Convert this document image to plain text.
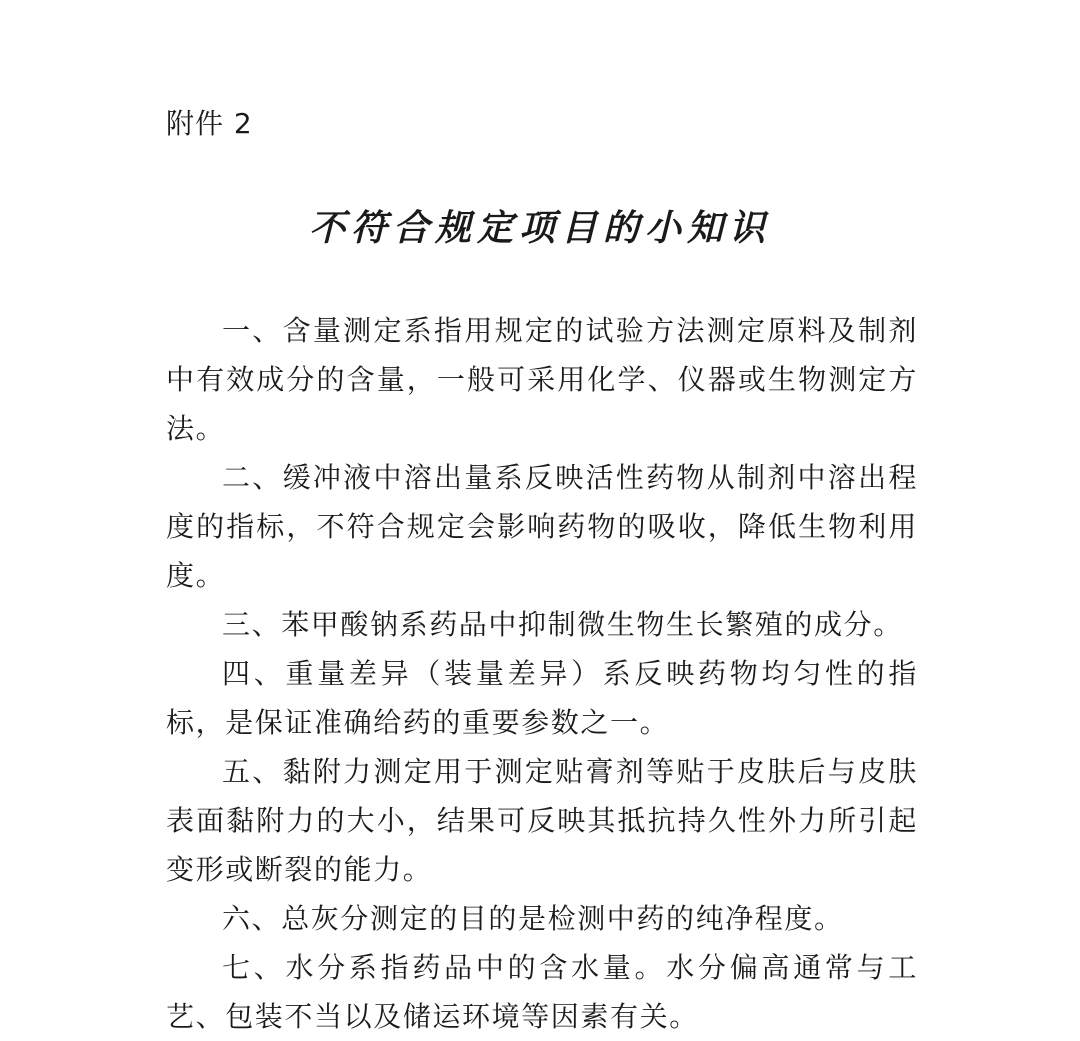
附件 2
不符合规定项目的小知识

一、含量测定系指用规定的试验方法测定原料及制剂中有效成分的含量，一般可采用化学、仪器或生物测定方法。

二、缓冲液中溶出量系反映活性药物从制剂中溶出程度的指标，不符合规定会影响药物的吸收，降低生物利用度。

三、苯甲酸钠系药品中抑制微生物生长繁殖的成分。

四、重量差异（装量差异）系反映药物均匀性的指标，是保证准确给药的重要参数之一。

五、黏附力测定用于测定贴膏剂等贴于皮肤后与皮肤表面黏附力的大小，结果可反映其抵抗持久性外力所引起变形或断裂的能力。

六、总灰分测定的目的是检测中药的纯净程度。

七、水分系指药品中的含水量。水分偏高通常与工艺、包装不当以及储运环境等因素有关。
